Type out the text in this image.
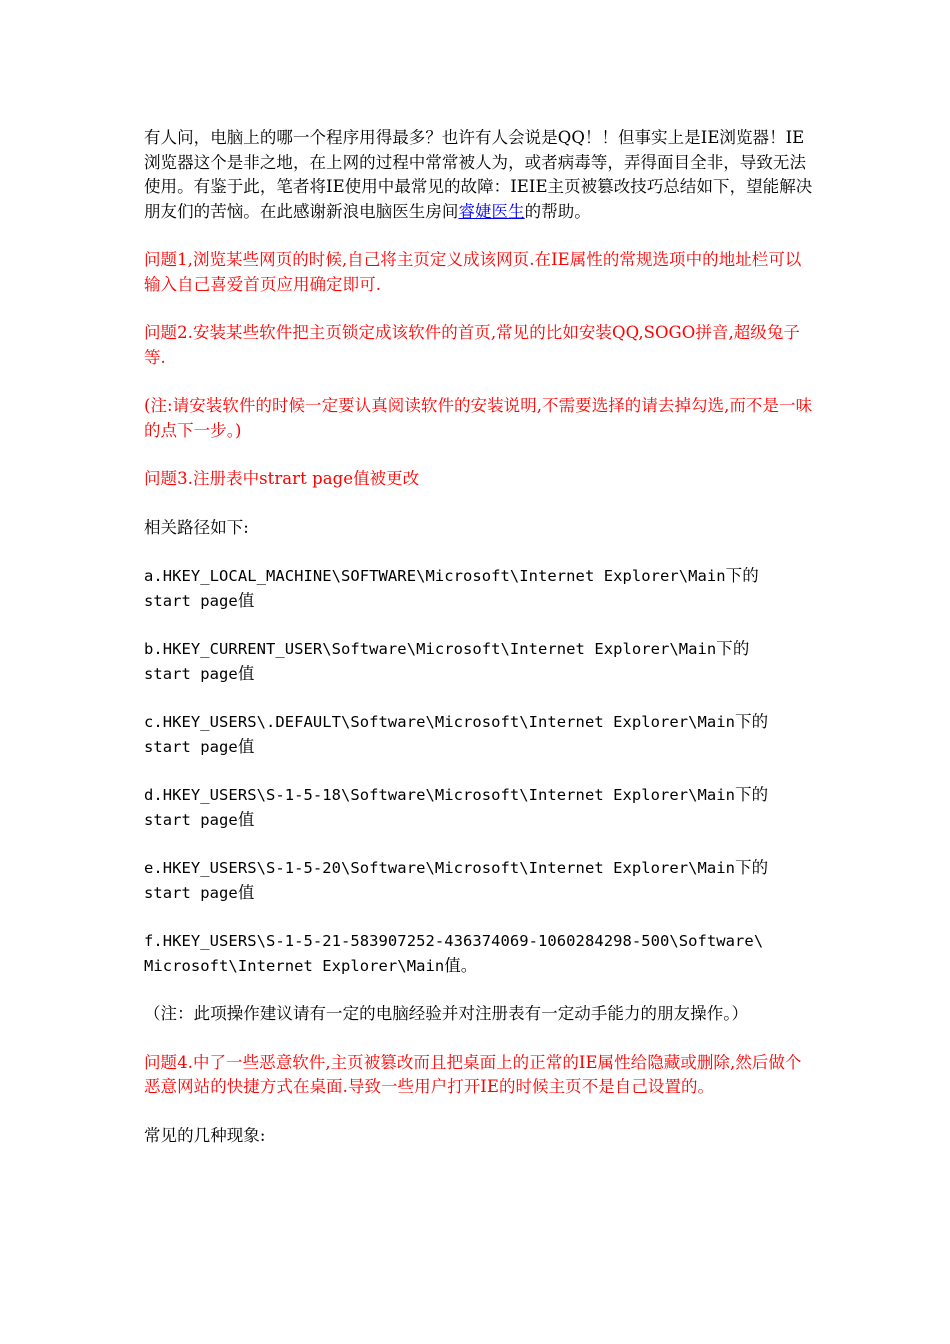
有人问，电脑上的哪一个程序用得最多？也许有人会说是QQ！！但事实上是IE浏览器！IE浏览器这个是非之地，在上网的过程中常常被人为，或者病毒等，弄得面目全非，导致无法使用。有鉴于此，笔者将IE使用中最常见的故障：IEIE主页被篡改技巧总结如下，望能解决朋友们的苦恼。在此感谢新浪电脑医生房间睿婕医生的帮助。

问题1,浏览某些网页的时候,自己将主页定义成该网页.在IE属性的常规选项中的地址栏可以输入自己喜爱首页应用确定即可.

问题2.安装某些软件把主页锁定成该软件的首页,常见的比如安装QQ,SOGO拼音,超级兔子等.

(注:请安装软件的时候一定要认真阅读软件的安装说明,不需要选择的请去掉勾选,而不是一味的点下一步。)

问题3.注册表中strart page值被更改

相关路径如下:

a.HKEY_LOCAL_MACHINE\SOFTWARE\Microsoft\Internet Explorer\Main下的
start page值

b.HKEY_CURRENT_USER\Software\Microsoft\Internet Explorer\Main下的
start page值

c.HKEY_USERS\.DEFAULT\Software\Microsoft\Internet Explorer\Main下的
start page值

d.HKEY_USERS\S-1-5-18\Software\Microsoft\Internet Explorer\Main下的
start page值

e.HKEY_USERS\S-1-5-20\Software\Microsoft\Internet Explorer\Main下的
start page值

f.HKEY_USERS\S-1-5-21-583907252-436374069-1060284298-500\Software\
Microsoft\Internet Explorer\Main值。

（注：此项操作建议请有一定的电脑经验并对注册表有一定动手能力的朋友操作。）

问题4.中了一些恶意软件,主页被篡改而且把桌面上的正常的IE属性给隐藏或删除,然后做个恶意网站的快捷方式在桌面.导致一些用户打开IE的时候主页不是自己设置的。

常见的几种现象:
